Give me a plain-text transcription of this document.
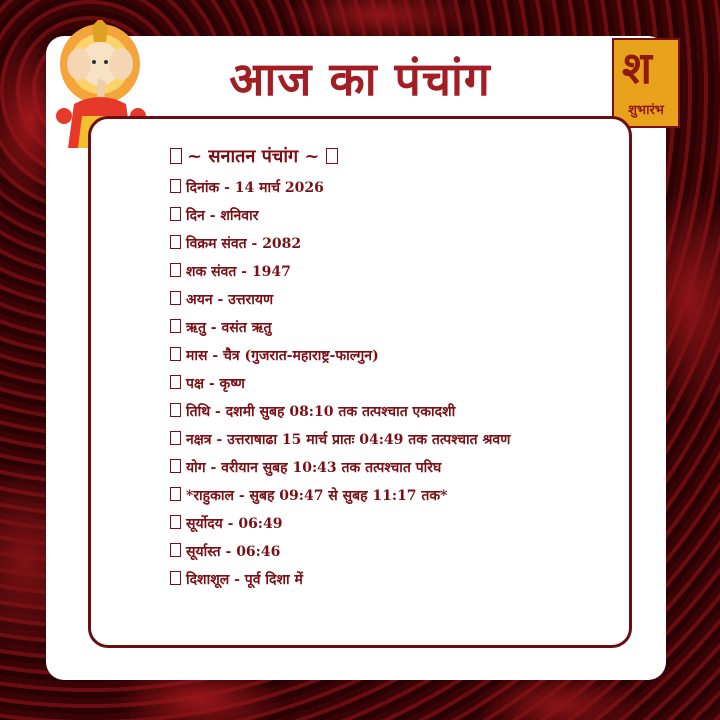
आज का पंचांग	श
शुभारंभ
~ सनातन पंचांग ~
दिनांक - 14 मार्च 2026
दिन - शनिवार
विक्रम संवत - 2082
शक संवत - 1947
अयन - उत्तरायण
ऋतु - वसंत ऋतु
मास - चैत्र (गुजरात-महाराष्ट्र-फाल्गुन)
पक्ष - कृष्ण
तिथि - दशमी सुबह 08:10 तक तत्पश्चात एकादशी
नक्षत्र - उत्तराषाढा 15 मार्च प्रातः 04:49 तक तत्पश्चात श्रवण
योग - वरीयान सुबह 10:43 तक तत्पश्चात परिघ
*राहुकाल - सुबह 09:47 से सुबह 11:17 तक*
सूर्योदय - 06:49
सूर्यास्त - 06:46
दिशाशूल - पूर्व दिशा में
